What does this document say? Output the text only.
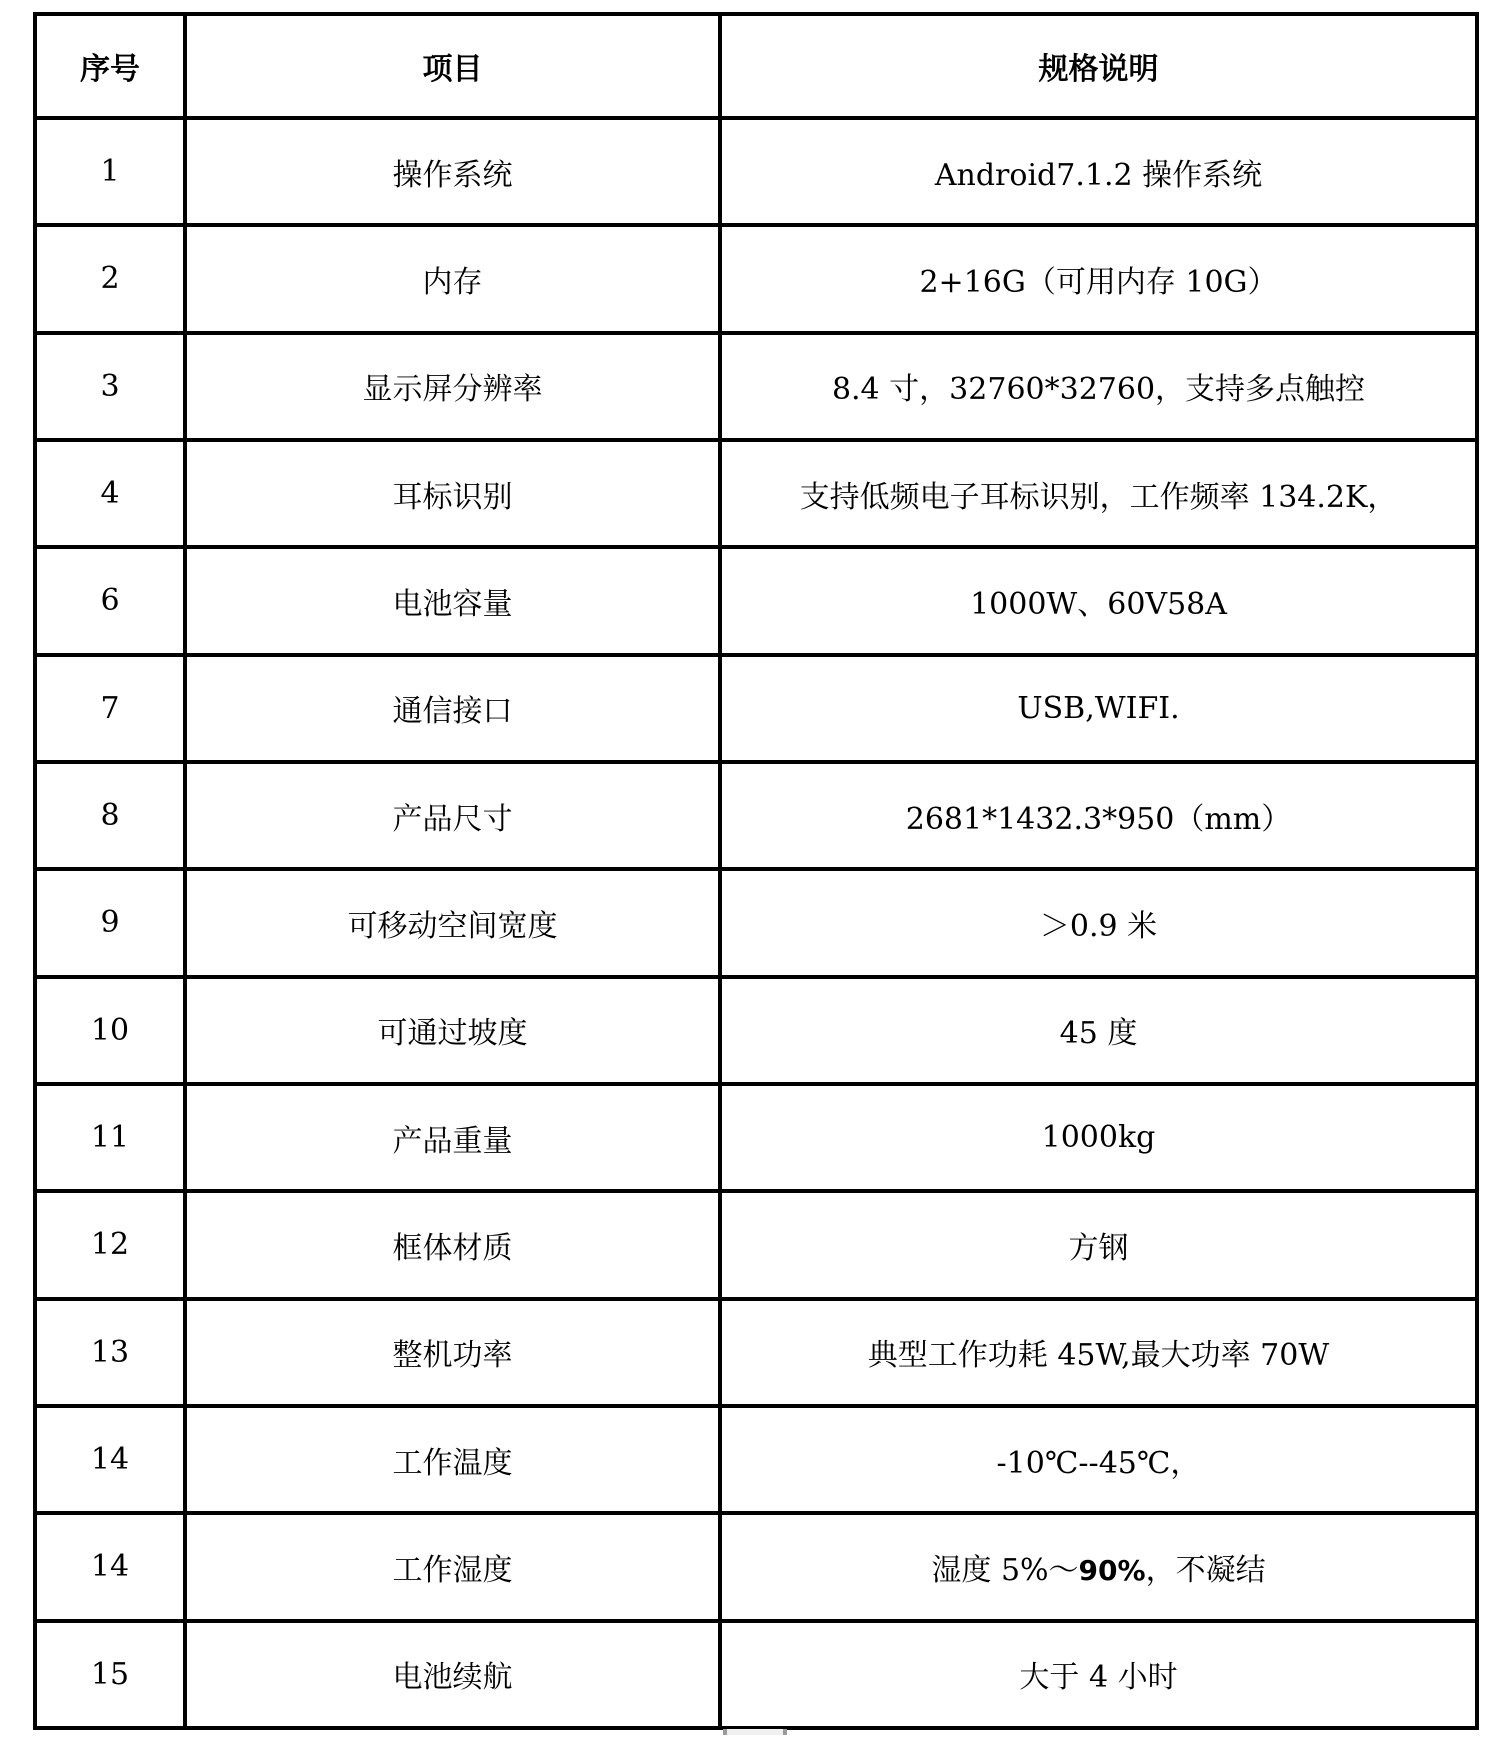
序号	项目	规格说明
1	操作系统	Android7.1.2 操作系统
2	内存	2+16G（可用内存 10G）
3	显示屏分辨率	8.4 寸，32760*32760，支持多点触控
4	耳标识别	支持低频电子耳标识别，工作频率 134.2K，
6	电池容量	1000W、60V58A
7	通信接口	USB,WIFI.
8	产品尺寸	2681*1432.3*950（mm）
9	可移动空间宽度	＞0.9 米
10	可通过坡度	45 度
11	产品重量	1000kg
12	框体材质	方钢
13	整机功率	典型工作功耗 45W,最大功率 70W
14	工作温度	-10℃--45℃，
14	工作湿度	湿度 5%～90%，不凝结
15	电池续航	大于 4 小时
